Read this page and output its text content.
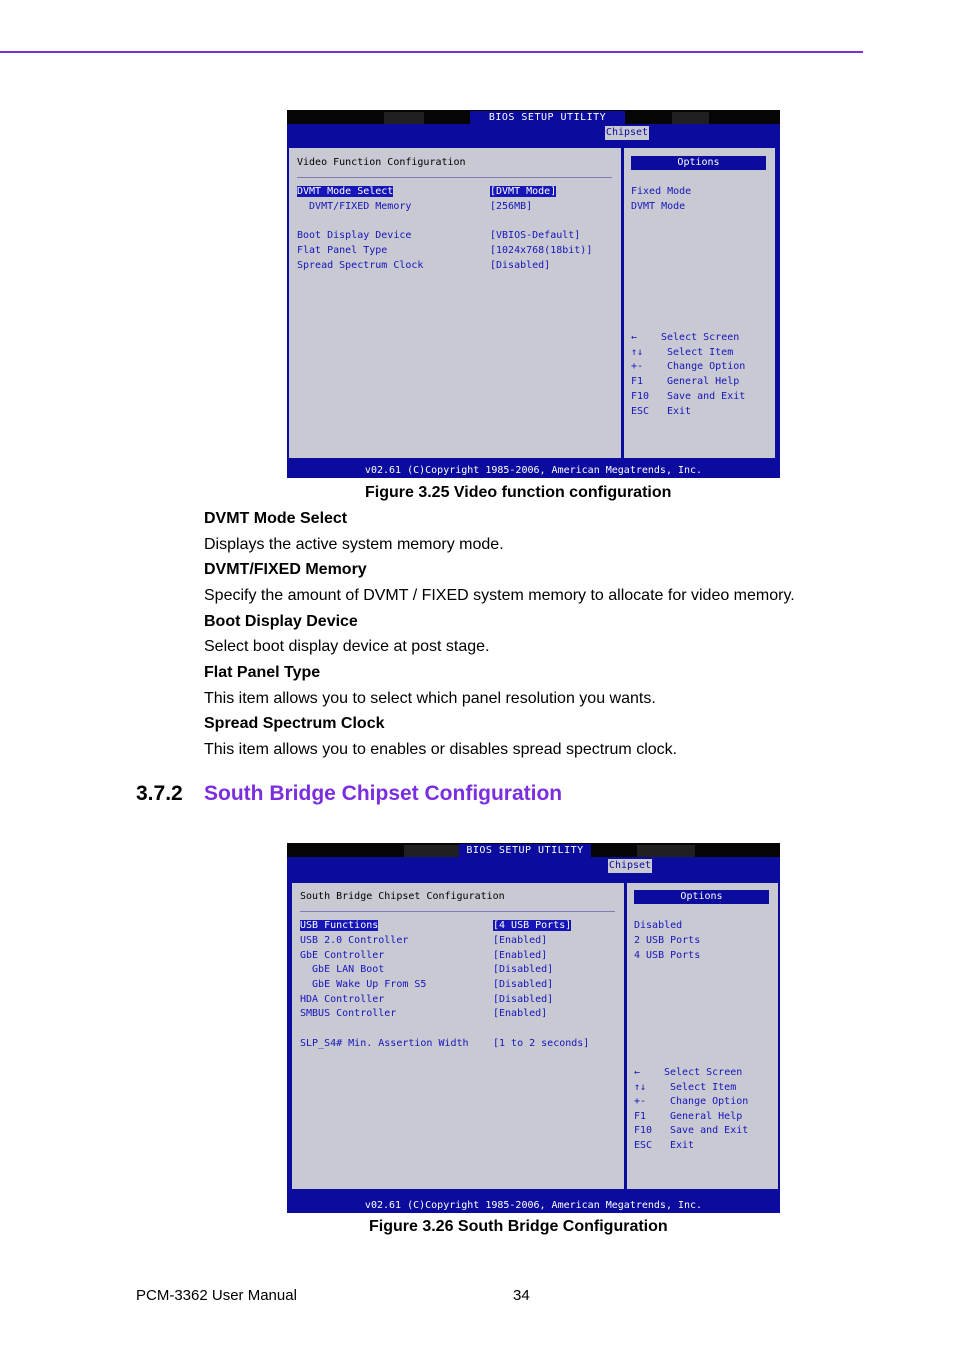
BIOS SETUP UTILITY
Chipset
Video Function Configuration
DVMT Mode Select	[DVMT Mode]
DVMT/FIXED Memory	[256MB]
Boot Display Device	[VBIOS-Default]
Flat Panel Type	[1024x768(18bit)]
Spread Spectrum Clock	[Disabled]
Options
Fixed Mode
DVMT Mode
← Select Screen
↑↓ Select Item
+- Change Option
F1 General Help
F10 Save and Exit
ESC Exit
v02.61 (C)Copyright 1985-2006, American Megatrends, Inc.
Figure 3.25 Video function configuration
DVMT Mode Select
Displays the active system memory mode.
DVMT/FIXED Memory
Specify the amount of DVMT / FIXED system memory to allocate for video memory.
Boot Display Device
Select boot display device at post stage.
Flat Panel Type
This item allows you to select which panel resolution you wants.
Spread Spectrum Clock
This item allows you to enables or disables spread spectrum clock.
3.7.2 South Bridge Chipset Configuration
BIOS SETUP UTILITY
Chipset
South Bridge Chipset Configuration
USB Functions	[4 USB Ports]
USB 2.0 Controller	[Enabled]
GbE Controller	[Enabled]
GbE LAN Boot	[Disabled]
GbE Wake Up From S5	[Disabled]
HDA Controller	[Disabled]
SMBUS Controller	[Enabled]
SLP_S4# Min. Assertion Width [1 to 2 seconds]
Options
Disabled
2 USB Ports
4 USB Ports
← Select Screen
↑↓ Select Item
+- Change Option
F1 General Help
F10 Save and Exit
ESC Exit
v02.61 (C)Copyright 1985-2006, American Megatrends, Inc.
Figure 3.26 South Bridge Configuration
PCM-3362 User Manual	34
